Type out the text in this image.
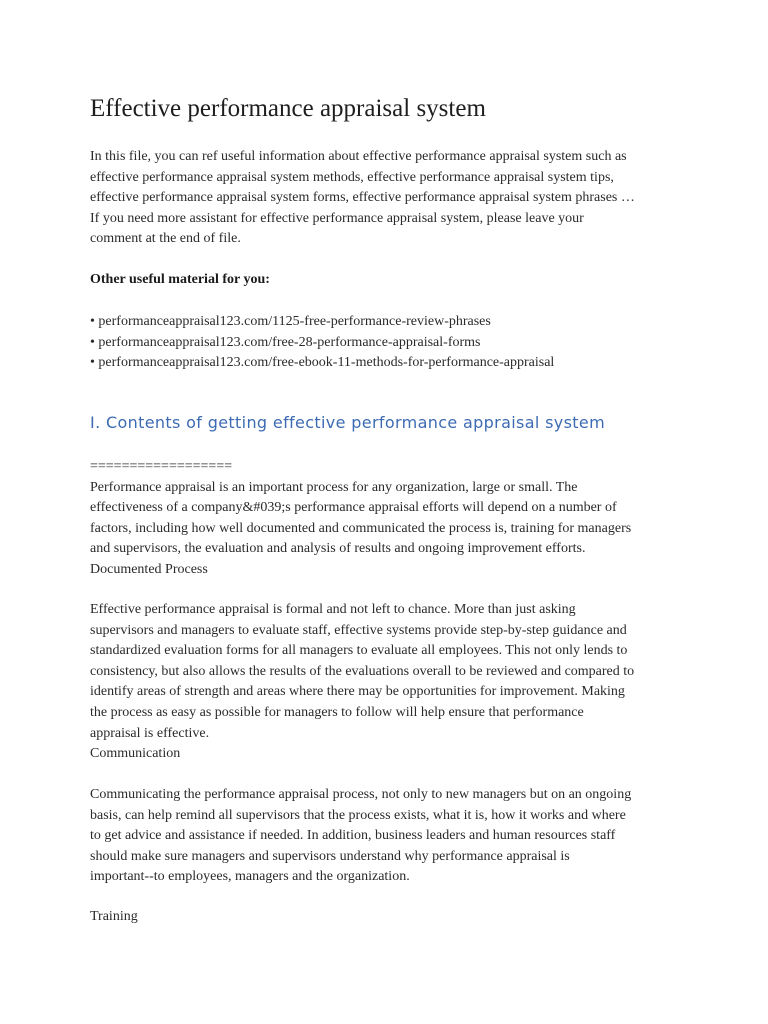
Effective performance appraisal system

In this file, you can ref useful information about effective performance appraisal system such as
effective performance appraisal system methods, effective performance appraisal system tips,
effective performance appraisal system forms, effective performance appraisal system phrases …
If you need more assistant for effective performance appraisal system, please leave your
comment at the end of file.

Other useful material for you:

• performanceappraisal123.com/1125-free-performance-review-phrases
• performanceappraisal123.com/free-28-performance-appraisal-forms
• performanceappraisal123.com/free-ebook-11-methods-for-performance-appraisal
I. Contents of getting effective performance appraisal system

==================
Performance appraisal is an important process for any organization, large or small. The
effectiveness of a company&#039;s performance appraisal efforts will depend on a number of
factors, including how well documented and communicated the process is, training for managers
and supervisors, the evaluation and analysis of results and ongoing improvement efforts.
Documented Process

Effective performance appraisal is formal and not left to chance. More than just asking
supervisors and managers to evaluate staff, effective systems provide step-by-step guidance and
standardized evaluation forms for all managers to evaluate all employees. This not only lends to
consistency, but also allows the results of the evaluations overall to be reviewed and compared to
identify areas of strength and areas where there may be opportunities for improvement. Making
the process as easy as possible for managers to follow will help ensure that performance
appraisal is effective.
Communication

Communicating the performance appraisal process, not only to new managers but on an ongoing
basis, can help remind all supervisors that the process exists, what it is, how it works and where
to get advice and assistance if needed. In addition, business leaders and human resources staff
should make sure managers and supervisors understand why performance appraisal is
important--to employees, managers and the organization.

Training
